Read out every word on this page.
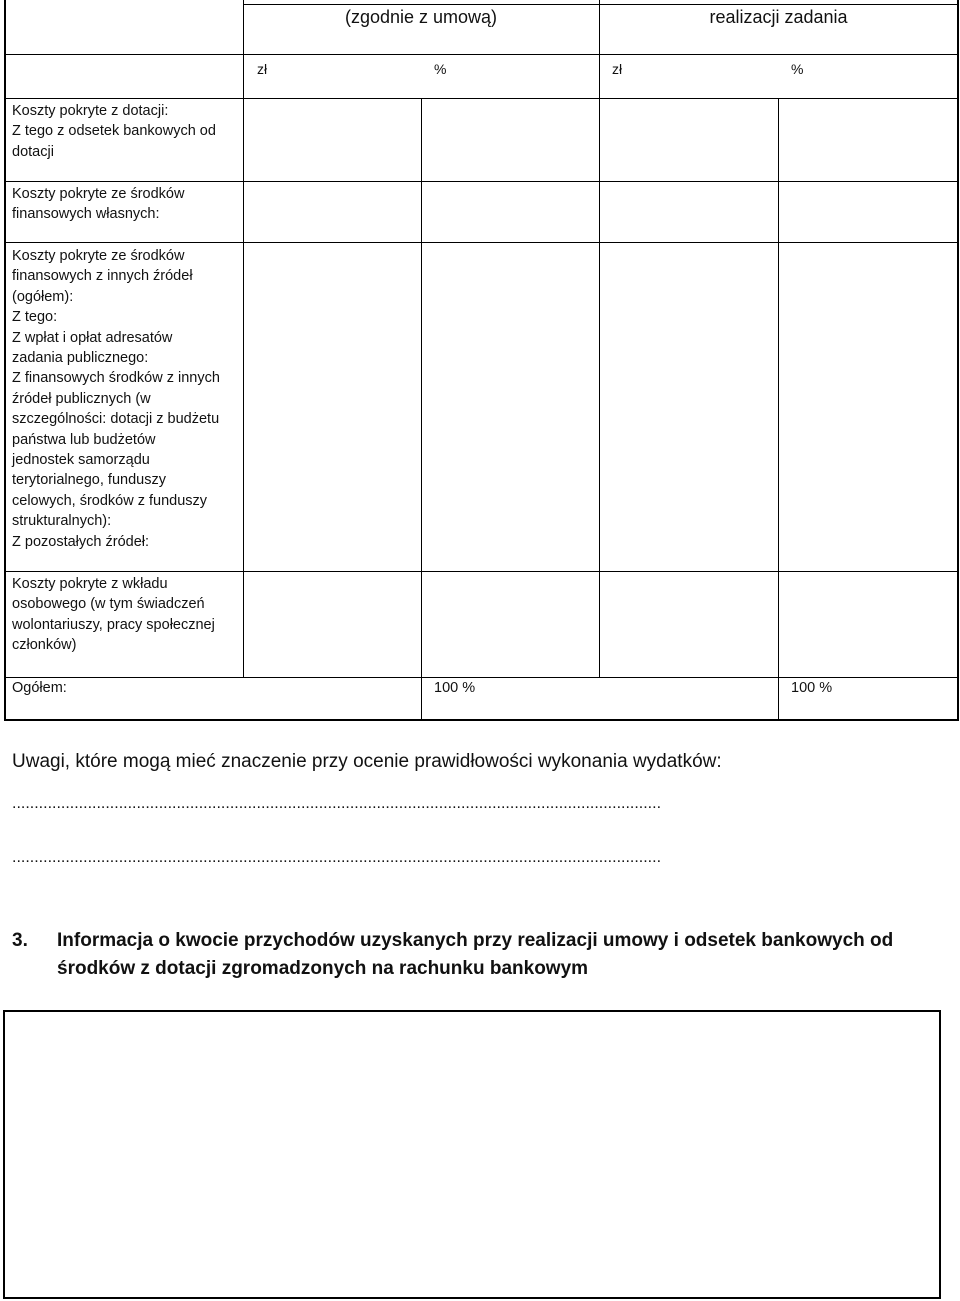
(zgodnie z umową)	realizacji zadania
zł	%	zł	%
Koszty pokryte z dotacji:
Z tego z odsetek bankowych od
dotacji
Koszty pokryte ze środków
finansowych własnych:
Koszty pokryte ze środków
finansowych z innych źródeł
(ogółem):
Z tego:
Z wpłat i opłat adresatów
zadania publicznego:
Z finansowych środków z innych
źródeł publicznych (w
szczególności: dotacji z budżetu
państwa lub budżetów
jednostek samorządu
terytorialnego, funduszy
celowych, środków z funduszy
strukturalnych):
Z pozostałych źródeł:
Koszty pokryte z wkładu
osobowego (w tym świadczeń
wolontariuszy, pracy społecznej
członków)
Ogółem:	100 %	100 %
Uwagi, które mogą mieć znaczenie przy ocenie prawidłowości wykonania wydatków:
..................................................................................................................................................
..................................................................................................................................................
3. Informacja o kwocie przychodów uzyskanych przy realizacji umowy i odsetek bankowych od
środków z dotacji zgromadzonych na rachunku bankowym
